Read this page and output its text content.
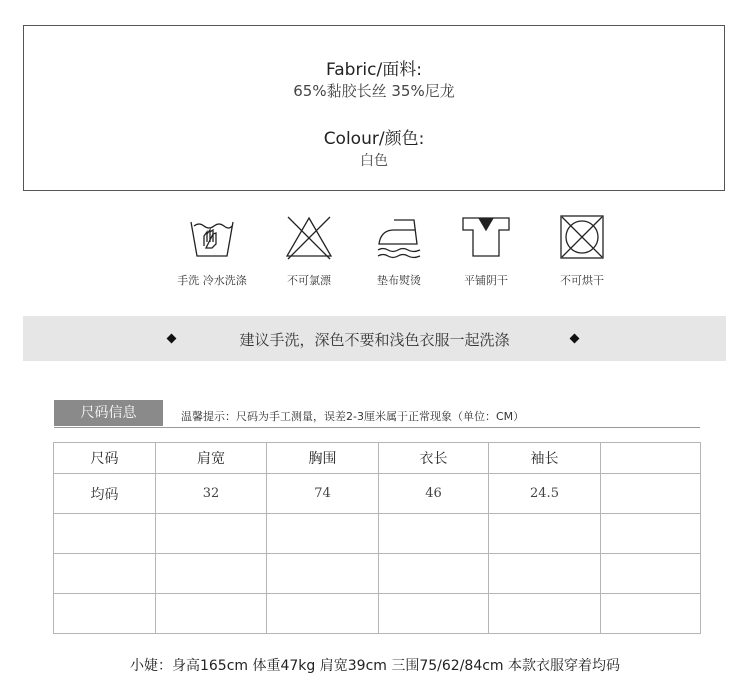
Fabric/面料:
65%黏胶长丝 35%尼龙
Colour/颜色:
白色
手洗 冷水洗涤	不可氯漂	垫布熨烫	平铺阴干	不可烘干
建议手洗，深色不要和浅色衣服一起洗涤
尺码信息	温馨提示：尺码为手工测量，误差2-3厘米属于正常现象（单位：CM）
尺码	肩宽	胸围	衣长	袖长	
均码	32	74	46	24.5	

小婕：身高165cm 体重47kg 肩宽39cm 三围75/62/84cm 本款衣服穿着均码
